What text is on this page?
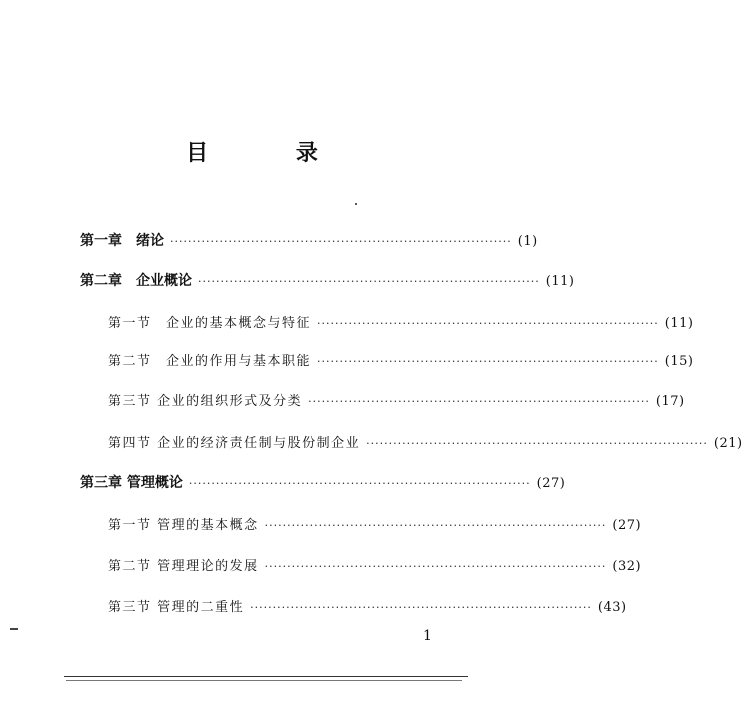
目 录
第一章　绪论 ············································································ (1)
第二章　企业概论 ············································································ (11)
第一节　企业的基本概念与特征 ············································································ (11)
第二节　企业的作用与基本职能 ············································································ (15)
第三节 企业的组织形式及分类 ············································································ (17)
第四节 企业的经济责任制与股份制企业 ············································································ (21)
第三章 管理概论 ············································································ (27)
第一节 管理的基本概念 ············································································ (27)
第二节 管理理论的发展 ············································································ (32)
第三节 管理的二重性 ············································································ (43)
1
